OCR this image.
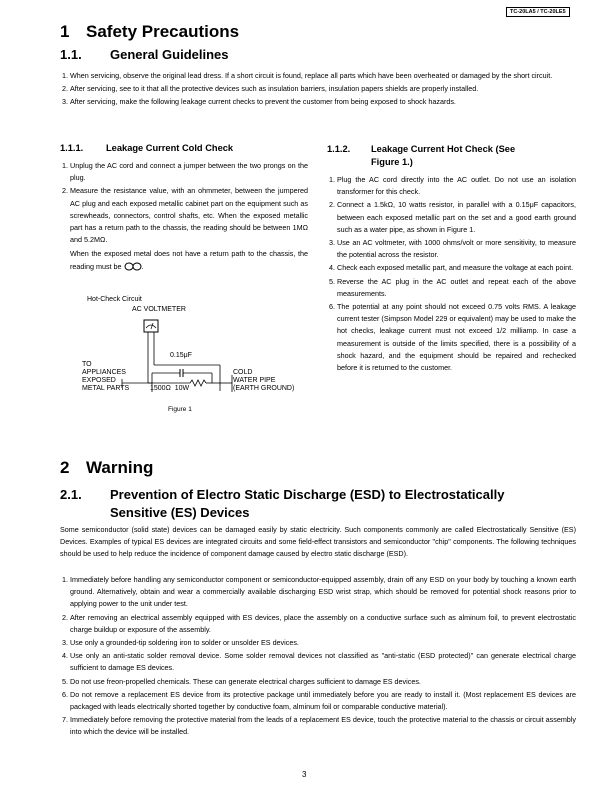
TC-20LA5 / TC-20LE5
1 Safety Precautions
1.1. General Guidelines
1. When servicing, observe the original lead dress. If a short circuit is found, replace all parts which have been overheated or damaged by the short circuit.
2. After servicing, see to it that all the protective devices such as insulation barriers, insulation papers shields are properly installed.
3. After servicing, make the following leakage current checks to prevent the customer from being exposed to shock hazards.
1.1.1. Leakage Current Cold Check
1. Unplug the AC cord and connect a jumper between the two prongs on the plug.
2. Measure the resistance value, with an ohmmeter, between the jumpered AC plug and each exposed metallic cabinet part on the equipment such as screwheads, connectors, control shafts, etc. When the exposed metallic part has a return path to the chassis, the reading should be between 1MΩ and 5.2MΩ.
When the exposed metal does not have a return path to the chassis, the reading must be	.
Hot-Check Circuit
AC VOLTMETER
0.15μF
TO
APPLIANCES
EXPOSED
METAL PARTS	1500Ω  10W
COLD
WATER PIPE
(EARTH GROUND)
Figure 1
1.1.2. Leakage Current Hot Check (See
Figure 1.)
1. Plug the AC cord directly into the AC outlet. Do not use an isolation transformer for this check.
2. Connect a 1.5kΩ, 10 watts resistor, in parallel with a 0.15μF capacitors, between each exposed metallic part on the set and a good earth ground such as a water pipe, as shown in Figure 1.
3. Use an AC voltmeter, with 1000 ohms/volt or more sensitivity, to measure the potential across the resistor.
4. Check each exposed metallic part, and measure the voltage at each point.
5. Reverse the AC plug in the AC outlet and repeat each of the above measurements.
6. The potential at any point should not exceed 0.75 volts RMS. A leakage current tester (Simpson Model 229 or equivalent) may be used to make the hot checks, leakage current must not exceed 1/2 milliamp. In case a measurement is outside of the limits specified, there is a possibility of a shock hazard, and the equipment should be repaired and rechecked before it is returned to the customer.
2 Warning
2.1. Prevention of Electro Static Discharge (ESD) to Electrostatically
Sensitive (ES) Devices
Some semiconductor (solid state) devices can be damaged easily by static electricity. Such components commonly are called Electrostatically Sensitive (ES) Devices. Examples of typical ES devices are integrated circuits and some field-effect transistors and semiconductor "chip" components. The following techniques should be used to help reduce the incidence of component damage caused by electro static discharge (ESD).
1. Immediately before handling any semiconductor component or semiconductor-equipped assembly, drain off any ESD on your body by touching a known earth ground. Alternatively, obtain and wear a commercially available discharging ESD wrist strap, which should be removed for potential shock reasons prior to applying power to the unit under test.
2. After removing an electrical assembly equipped with ES devices, place the assembly on a conductive surface such as alminum foil, to prevent electrostatic charge buildup or exposure of the assembly.
3. Use only a grounded-tip soldering iron to solder or unsolder ES devices.
4. Use only an anti-static solder removal device. Some solder removal devices not classified as "anti-static (ESD protected)" can generate electrical charge sufficient to damage ES devices.
5. Do not use freon-propelled chemicals. These can generate electrical charges sufficient to damage ES devices.
6. Do not remove a replacement ES device from its protective package until immediately before you are ready to install it. (Most replacement ES devices are packaged with leads electrically shorted together by conductive foam, alminum foil or comparable conductive material).
7. Immediately before removing the protective material from the leads of a replacement ES device, touch the protective material to the chassis or circuit assembly into which the device will be installed.
3
